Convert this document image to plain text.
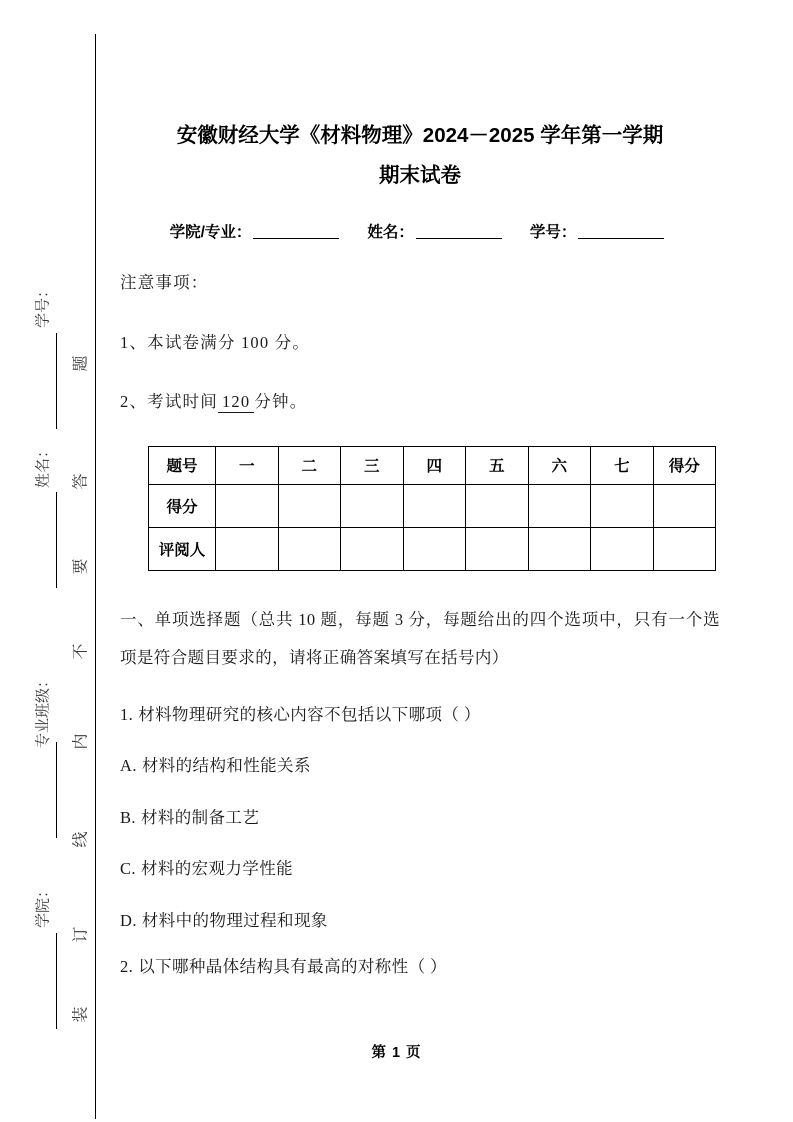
题
答
要
不
内
线
订
装
学号：
姓名：
专业班级：
学院：
安徽财经大学《材料物理》2024－2025 学年第一学期
期末试卷
学院/专业：	姓名：	学号：

注意事项：

1、本试卷满分 100 分。

2、考试时间 120 分钟。

题号	一	二	三	四	五	六	七	得分
得分								
评阅人								

一、单项选择题（总共 10 题，每题 3 分，每题给出的四个选项中，只有一个选项是符合题目要求的，请将正确答案填写在括号内）

1. 材料物理研究的核心内容不包括以下哪项（ ）

A. 材料的结构和性能关系

B. 材料的制备工艺

C. 材料的宏观力学性能

D. 材料中的物理过程和现象

2. 以下哪种晶体结构具有最高的对称性（ ）

第 1 页
